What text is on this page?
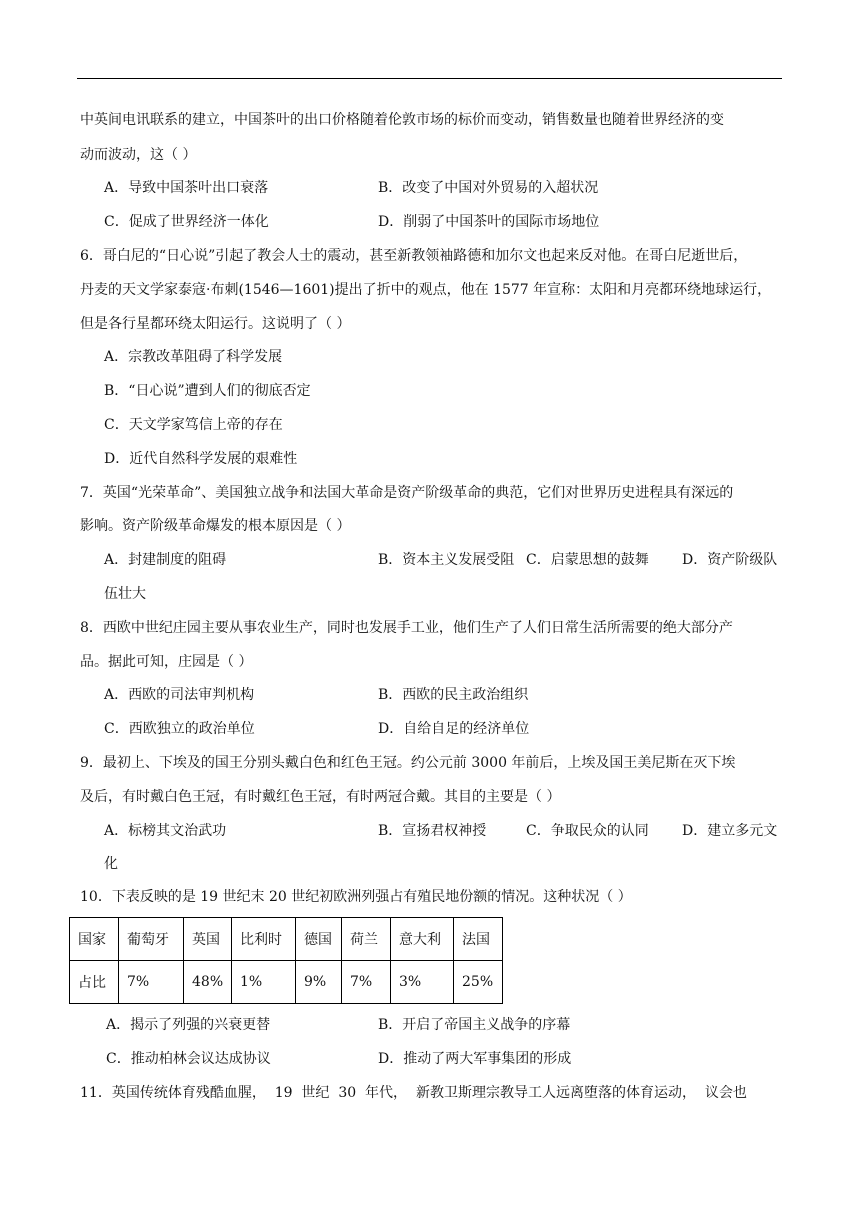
中英间电讯联系的建立，中国茶叶的出口价格随着伦敦市场的标价而变动，销售数量也随着世界经济的变
动而波动，这（ ）
A．导致中国茶叶出口衰落	B．改变了中国对外贸易的入超状况
C．促成了世界经济一体化	D．削弱了中国茶叶的国际市场地位
6．哥白尼的“日心说”引起了教会人士的震动，甚至新教领袖路德和加尔文也起来反对他。在哥白尼逝世后，
丹麦的天文学家泰寇·布刺(1546—1601)提出了折中的观点，他在 1577 年宣称：太阳和月亮都环绕地球运行，
但是各行星都环绕太阳运行。这说明了（ ）
A．宗教改革阻碍了科学发展
B．“日心说”遭到人们的彻底否定
C．天文学家笃信上帝的存在
D．近代自然科学发展的艰难性
7．英国“光荣革命”、美国独立战争和法国大革命是资产阶级革命的典范，它们对世界历史进程具有深远的
影响。资产阶级革命爆发的根本原因是（ ）
A．封建制度的阻碍	B．资本主义发展受阻 C．启蒙思想的鼓舞 D．资产阶级队
伍壮大
8．西欧中世纪庄园主要从事农业生产，同时也发展手工业，他们生产了人们日常生活所需要的绝大部分产
品。据此可知，庄园是（ ）
A．西欧的司法审判机构	B．西欧的民主政治组织
C．西欧独立的政治单位	D．自给自足的经济单位
9．最初上、下埃及的国王分别头戴白色和红色王冠。约公元前 3000 年前后，上埃及国王美尼斯在灭下埃
及后，有时戴白色王冠，有时戴红色王冠，有时两冠合戴。其目的主要是（ ）
A．标榜其文治武功	B．宣扬君权神授	C．争取民众的认同 D．建立多元文
化
10．下表反映的是 19 世纪末 20 世纪初欧洲列强占有殖民地份额的情况。这种状况（ ）
国家	葡萄牙	英国	比利时	德国	荷兰	意大利	法国
占比	7%	48%	1%	9%	7%	3%	25%
A．揭示了列强的兴衰更替	B．开启了帝国主义战争的序幕
C．推动柏林会议达成协议	D．推动了两大军事集团的形成
11．英国传统体育残酷血腥，  19  世纪  30  年代，  新教卫斯理宗教导工人远离堕落的体育运动，  议会也
